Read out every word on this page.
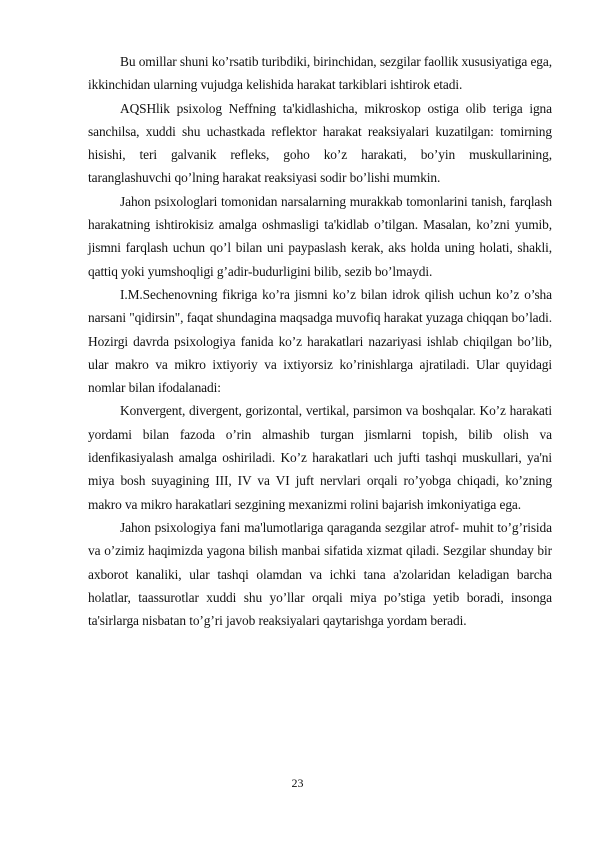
Bu omillar shuni ko’rsatib turibdiki, birinchidan, sezgilar faollik xususiyatiga ega, ikkinchidan ularning vujudga kelishida harakat tarkiblari ishtirok etadi.

AQSHlik psixolog Neffning ta'kidlashicha, mikroskop ostiga olib teriga igna sanchilsa, xuddi shu uchastkada reflektor harakat reaksiyalari kuzatilgan: tomirning hisishi, teri galvanik refleks, goho ko’z harakati, bo’yin muskullarining, taranglashuvchi qo’lning harakat reaksiyasi sodir bo’lishi mumkin.

Jahon psixologlari tomonidan narsalarning murakkab tomonlarini tanish, farqlash harakatning ishtirokisiz amalga oshmasligi ta'kidlab o’tilgan. Masalan, ko’zni yumib, jismni farqlash uchun qo’l bilan uni paypaslash kerak, aks holda uning holati, shakli, qattiq yoki yumshoqligi g’adir-budurligini bilib, sezib bo’lmaydi.

I.M.Sechenovning fikriga ko’ra jismni ko’z bilan idrok qilish uchun ko’z o’sha narsani "qidirsin", faqat shundagina maqsadga muvofiq harakat yuzaga chiqqan bo’ladi. Hozirgi davrda psixologiya fanida ko’z harakatlari nazariyasi ishlab chiqilgan bo’lib, ular makro va mikro ixtiyoriy va ixtiyorsiz ko’rinishlarga ajratiladi. Ular quyidagi nomlar bilan ifodalanadi:

Konvergent, divergent, gorizontal, vertikal, parsimon va boshqalar. Ko’z harakati yordami bilan fazoda o’rin almashib turgan jismlarni topish, bilib olish va idenfikasiyalash amalga oshiriladi. Ko’z harakatlari uch jufti tashqi muskullari, ya'ni miya bosh suyagining III, IV va VI juft nervlari orqali ro’yobga chiqadi, ko’zning makro va mikro harakatlari sezgining mexanizmi rolini bajarish imkoniyatiga ega.

Jahon psixologiya fani ma'lumotlariga qaraganda sezgilar atrof- muhit to’g’risida va o’zimiz haqimizda yagona bilish manbai sifatida xizmat qiladi. Sezgilar shunday bir axborot kanaliki, ular tashqi olamdan va ichki tana a'zolaridan keladigan barcha holatlar, taassurotlar xuddi shu yo’llar orqali miya po’stiga yetib boradi, insonga ta'sirlarga nisbatan to’g’ri javob reaksiyalari qaytarishga yordam beradi.

23
